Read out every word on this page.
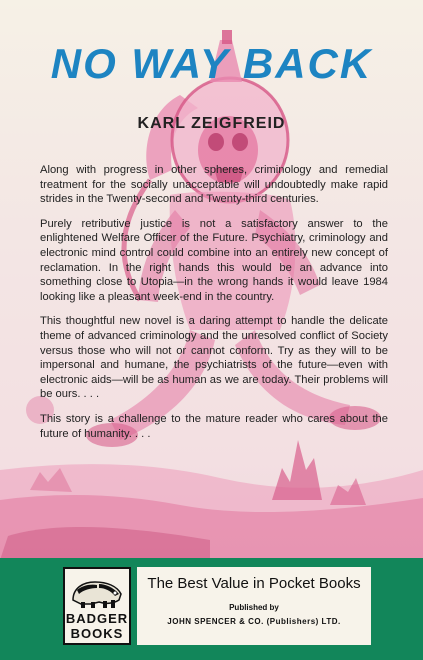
NO WAY BACK
KARL ZEIGFREID

Along with progress in other spheres, criminology and remedial treatment for the socially unacceptable will undoubtedly make rapid strides in the Twenty-second and Twenty-third centuries.

Purely retributive justice is not a satisfactory answer to the enlightened Welfare Officer of the Future. Psychiatry, criminology and electronic mind control could combine into an entirely new concept of reclamation. In the right hands this would be an advance into something close to Utopia—in the wrong hands it would leave 1984 looking like a pleasant week-end in the country.

This thoughtful new novel is a daring attempt to handle the delicate theme of advanced criminology and the unresolved conflict of Society versus those who will not or cannot conform. Try as they will to be impersonal and humane, the psychiatrists of the future—even with electronic aids—will be as human as we are today. Their problems will be ours. . . .

This story is a challenge to the mature reader who cares about the future of humanity. . . .

BADGER
BOOKS
The Best Value in Pocket Books
Published by
JOHN SPENCER & CO. (Publishers) LTD.
